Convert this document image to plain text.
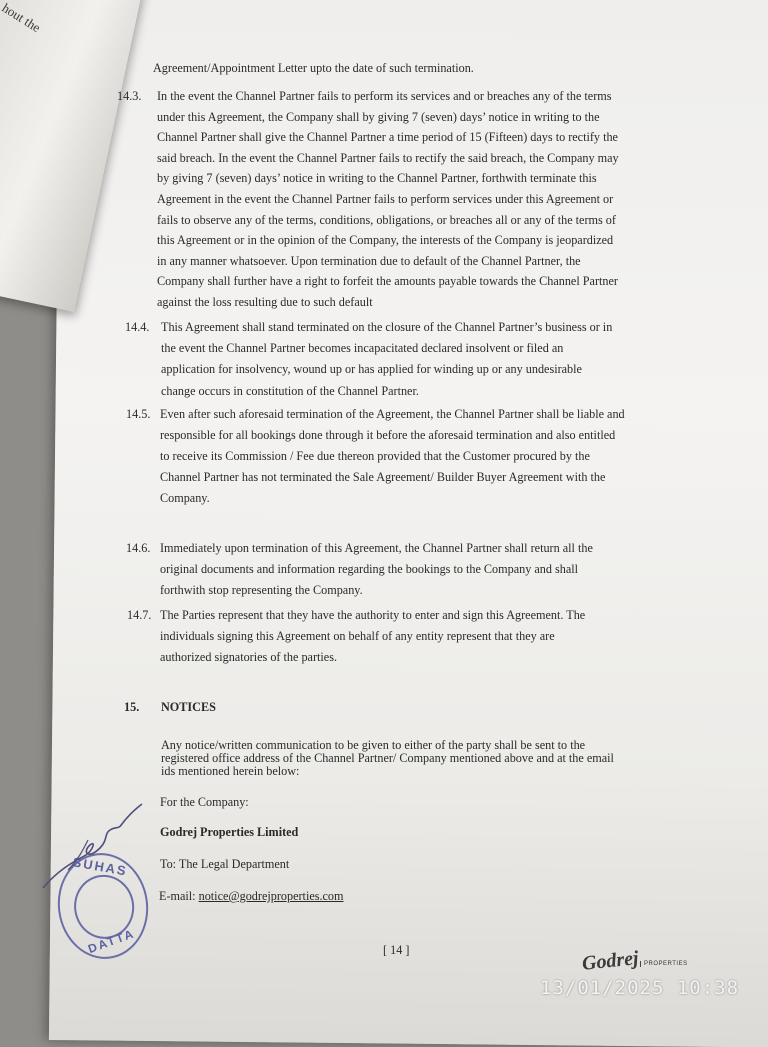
hout the
Agreement/Appointment Letter upto the date of such termination.
14.3. In the event the Channel Partner fails to perform its services and or breaches any of the terms
under this Agreement, the Company shall by giving 7 (seven) days’ notice in writing to the
Channel Partner shall give the Channel Partner a time period of 15 (Fifteen) days to rectify the
said breach. In the event the Channel Partner fails to rectify the said breach, the Company may
by giving 7 (seven) days’ notice in writing to the Channel Partner, forthwith terminate this
Agreement in the event the Channel Partner fails to perform services under this Agreement or
fails to observe any of the terms, conditions, obligations, or breaches all or any of the terms of
this Agreement or in the opinion of the Company, the interests of the Company is jeopardized
in any manner whatsoever. Upon termination due to default of the Channel Partner, the
Company shall further have a right to forfeit the amounts payable towards the Channel Partner
against the loss resulting due to such default
14.4. This Agreement shall stand terminated on the closure of the Channel Partner’s business or in
the event the Channel Partner becomes incapacitated declared insolvent or filed an
application for insolvency, wound up or has applied for winding up or any undesirable
change occurs in constitution of the Channel Partner.
14.5. Even after such aforesaid termination of the Agreement, the Channel Partner shall be liable and
responsible for all bookings done through it before the aforesaid termination and also entitled
to receive its Commission / Fee due thereon provided that the Customer procured by the
Channel Partner has not terminated the Sale Agreement/ Builder Buyer Agreement with the
Company.
14.6. Immediately upon termination of this Agreement, the Channel Partner shall return all the
original documents and information regarding the bookings to the Company and shall
forthwith stop representing the Company.
14.7. The Parties represent that they have the authority to enter and sign this Agreement. The
individuals signing this Agreement on behalf of any entity represent that they are
authorized signatories of the parties.
15. NOTICES
Any notice/written communication to be given to either of the party shall be sent to the
registered office address of the Channel Partner/ Company mentioned above and at the email
ids mentioned herein below:
For the Company:
Godrej Properties Limited
To: The Legal Department
E-mail: notice@godrejproperties.com
SUHAS
DATTA	[ 14 ]	Godrej PROPERTIES
13/01/2025 10:38
